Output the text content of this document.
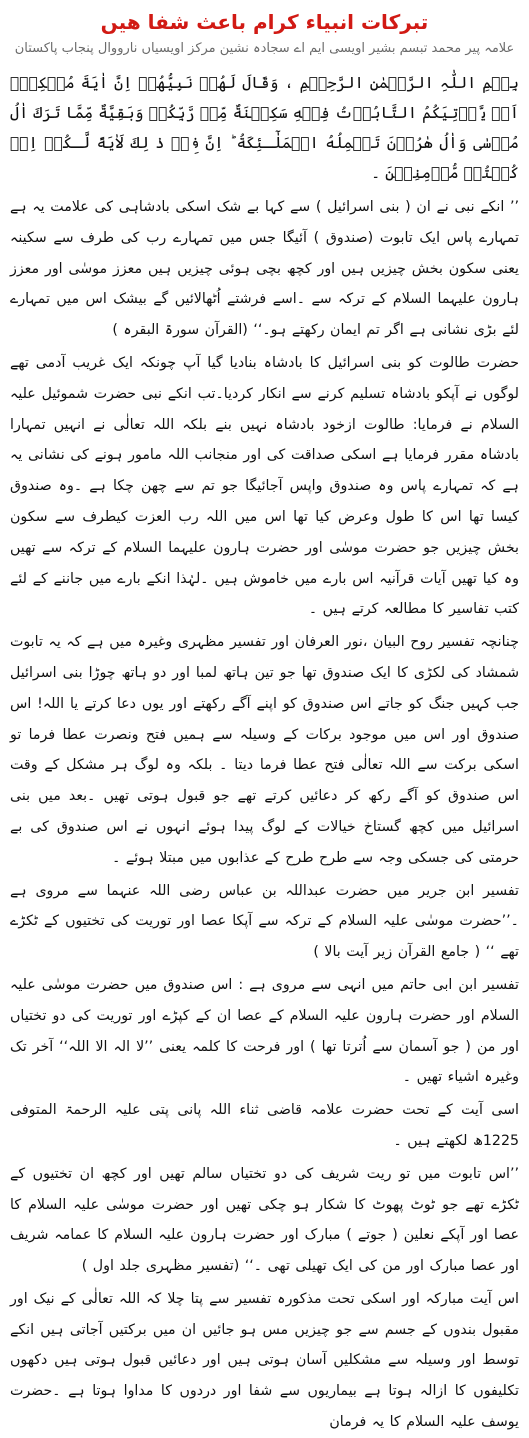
تبرکات انبیاء کرام باعث شفا ھیں
علامہ پیر محمد تبسم بشیر اویسی ایم اے سجادہ نشین مرکز اویسیاں نارووال پنجاب پاکستان

بِسۡمِ اللّٰہِ الرَّحۡمٰنِ الرَّحِیۡمِ ، وَقَالَ لَهُمۡ نَبِيُّهُمۡ اِنَّ اٰيَةَ مُلۡكِهٖۤ اَنۡ يَّاۡتِيَكُمُ التَّابُوۡتُ فِيۡهِ سَكِيۡنَةٌ مِّنۡ رَّبِّكُمۡ وَبَقِيَّةٌ مِّمَّا تَرَكَ اٰلُ مُوۡسٰى وَاٰلُ هٰرُوۡنَ تَحۡمِلُهُ الۡمَلٰٓـئِكَةُ ؕ اِنَّ فِىۡ ذٰ لِكَ لَاٰيَةً لَّـكُمۡ اِنۡ كُنۡتُمۡ مُّؤۡمِنِيۡنَ ۔

’’ انکے نبی نے ان ( بنی اسرائیل ) سے کہا بے شک اسکی بادشاہی کی علامت یہ ہے تمہارے پاس ایک تابوت (صندوق ) آئیگا جس میں تمہارے رب کی طرف سے سکینہ یعنی سکون بخش چیزیں ہیں اور کچھ بچی ہوئی چیزیں ہیں معزز موسٰی اور معزز ہارون علیہما السلام کے ترکہ سے ۔اسے فرشتے اُٹھالائیں گے بیشک اس میں تمہارے لئے بڑی نشانی ہے اگر تم ایمان رکھتے ہو۔‘‘ (القرآن سورۃ البقرہ )

حضرت طالوت کو بنی اسرائیل کا بادشاہ بنادیا گیا آپ چونکہ ایک غریب آدمی تھے لوگوں نے آپکو بادشاہ تسلیم کرنے سے انکار کردیا۔تب انکے نبی حضرت شموئیل علیہ السلام نے فرمایا: طالوت ازخود بادشاہ نہیں بنے بلکہ اللہ تعالٰی نے انہیں تمہارا بادشاہ مقرر فرمایا ہے اسکی صداقت کی اور منجانب اللہ مامور ہونے کی نشانی یہ ہے کہ تمہارے پاس وہ صندوق واپس آجائیگا جو تم سے چھن چکا ہے ۔وہ صندوق کیسا تھا اس کا طول وعرض کیا تھا اس میں اللہ رب العزت کیطرف سے سکون بخش چیزیں جو حضرت موسٰی اور حضرت ہارون علیہما السلام کے ترکہ سے تھیں وہ کیا تھیں آیات قرآنیہ اس بارے میں خاموش ہیں ۔لہٰذا انکے بارے میں جاننے کے لئے کتب تفاسیر کا مطالعہ کرتے ہیں ۔

چنانچہ تفسیر روح البیان ،نور العرفان اور تفسیر مظہری وغیرہ میں ہے کہ یہ تابوت شمشاد کی لکڑی کا ایک صندوق تھا جو تین ہاتھ لمبا اور دو ہاتھ چوڑا بنی اسرائیل جب کہیں جنگ کو جاتے اس صندوق کو اپنے آگے رکھتے اور یوں دعا کرتے یا اللہ! اس صندوق اور اس میں موجود برکات کے وسیلہ سے ہمیں فتح ونصرت عطا فرما تو اسکی برکت سے اللہ تعالٰی فتح عطا فرما دیتا ۔ بلکہ وہ لوگ ہر مشکل کے وقت اس صندوق کو آگے رکھ کر دعائیں کرتے تھے جو قبول ہوتی تھیں ۔بعد میں بنی اسرائیل میں کچھ گستاخ خیالات کے لوگ پیدا ہوئے انہوں نے اس صندوق کی بے حرمتی کی جسکی وجہ سے طرح طرح کے عذابوں میں مبتلا ہوئے ۔

تفسیر ابن جریر میں حضرت عبداللہ بن عباس رضی اللہ عنہما سے مروی ہے ۔’’حضرت موسٰی علیہ السلام کے ترکہ سے آپکا عصا اور توریت کی تختیوں کے ٹکڑے تھے ‘‘ ( جامع القرآن زیر آیت بالا )

تفسیر ابن ابی حاتم میں انہی سے مروی ہے : اس صندوق میں حضرت موسٰی علیہ السلام اور حضرت ہارون علیہ السلام کے عصا ان کے کپڑے اور توریت کی دو تختیاں اور من ( جو آسمان سے اُترتا تھا ) اور فرحت کا کلمہ یعنی ’’لا الہ الا اللہ‘‘ آخر تک وغیرہ اشیاء تھیں ۔

اسی آیت کے تحت حضرت علامہ قاضی ثناء اللہ پانی پتی علیہ الرحمۃ المتوفی 1225ھ لکھتے ہیں ۔

’’اس تابوت میں تو ریت شریف کی دو تختیاں سالم تھیں اور کچھ ان تختیوں کے ٹکڑے تھے جو ٹوٹ پھوٹ کا شکار ہو چکی تھیں اور حضرت موسٰی علیہ السلام کا عصا اور آپکے نعلین ( جوتے ) مبارک اور حضرت ہارون علیہ السلام کا عمامہ شریف اور عصا مبارک اور من کی ایک تھیلی تھی ۔‘‘ (تفسیر مظہری جلد اول )

اس آیت مبارکہ اور اسکی تحت مذکورہ تفسیر سے پتا چلا کہ اللہ تعالٰی کے نیک اور مقبول بندوں کے جسم سے جو چیزیں مس ہو جائیں ان میں برکتیں آجاتی ہیں انکے توسط اور وسیلہ سے مشکلیں آسان ہوتی ہیں اور دعائیں قبول ہوتی ہیں دکھوں تکلیفوں کا ازالہ ہوتا ہے بیماریوں سے شفا اور دردوں کا مداوا ہوتا ہے ۔حضرت یوسف علیہ السلام کا یہ فرمان
